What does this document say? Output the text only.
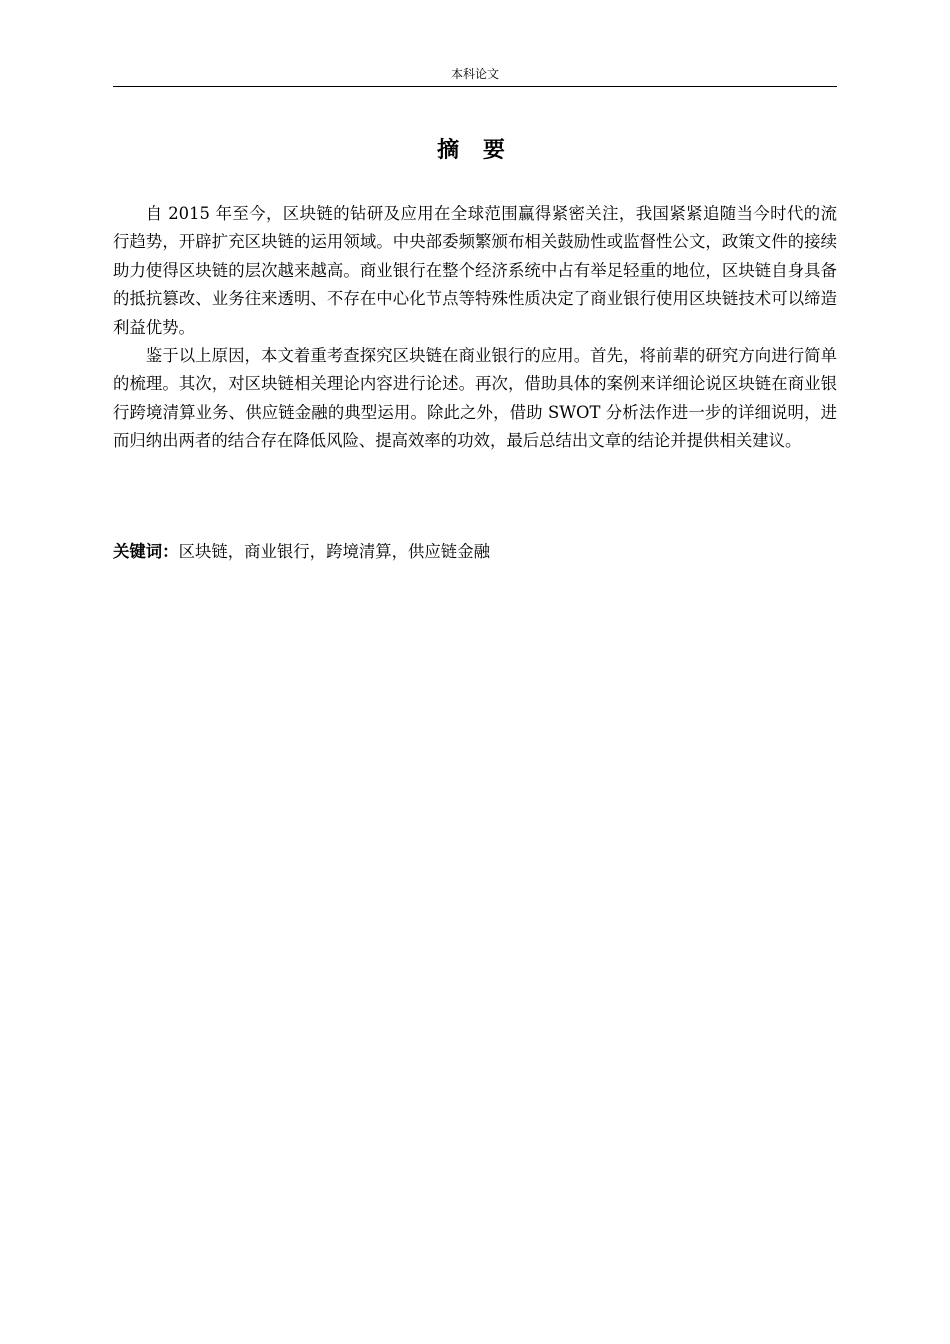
本科论文
摘 要

自 2015 年至今，区块链的钻研及应用在全球范围赢得紧密关注，我国紧紧追随当今时代的流行趋势，开辟扩充区块链的运用领域。中央部委频繁颁布相关鼓励性或监督性公文，政策文件的接续助力使得区块链的层次越来越高。商业银行在整个经济系统中占有举足轻重的地位，区块链自身具备的抵抗篡改、业务往来透明、不存在中心化节点等特殊性质决定了商业银行使用区块链技术可以缔造利益优势。

鉴于以上原因，本文着重考查探究区块链在商业银行的应用。首先，将前辈的研究方向进行简单的梳理。其次，对区块链相关理论内容进行论述。再次，借助具体的案例来详细论说区块链在商业银行跨境清算业务、供应链金融的典型运用。除此之外，借助 SWOT 分析法作进一步的详细说明，进而归纳出两者的结合存在降低风险、提高效率的功效，最后总结出文章的结论并提供相关建议。

关键词：区块链，商业银行，跨境清算，供应链金融
